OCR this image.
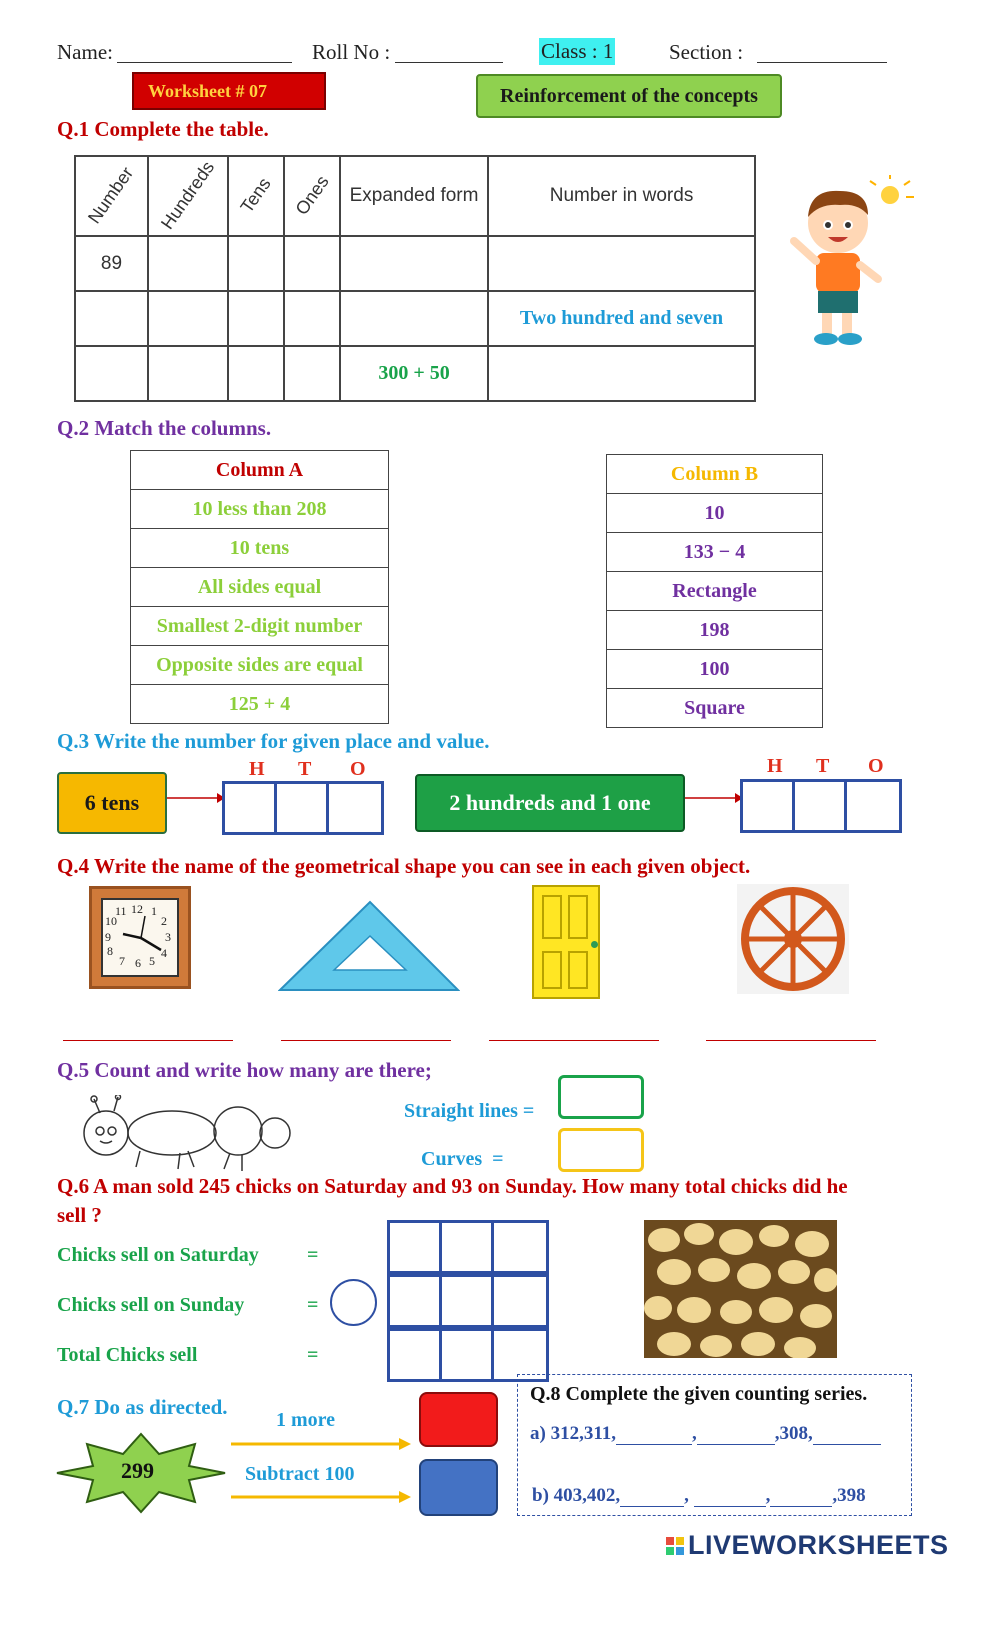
Name:	Roll No :	Class : 1	Section :
Worksheet # 07	Reinforcement of the concepts
Q.1 Complete the table.
Number	Hundreds	Tens	Ones	Expanded form	Number in words
89					
					Two hundred and seven
				300 + 50	
Q.2 Match the columns.
Column A
10 less than 208
10 tens
All sides equal
Smallest 2-digit number
Opposite sides are equal
125 + 4
Column B
10
133 − 4
Rectangle
198
100
Square
Q.3 Write the number for given place and value.
6 tens
H T O
2 hundreds and 1 one
H T O
Q.4 Write the name of the geometrical shape you can see in each given object.
12 1
2
3
4
5
6
7
8
9
10
11
Q.5 Count and write how many are there;
Straight lines =
Curves  =
Q.6 A man sold 245 chicks on Saturday and 93 on Sunday. How many total chicks did he
sell ?
Chicks sell on Saturday
Chicks sell on Sunday
Total Chicks sell
=
=
=
Q.7 Do as directed.
299
1 more
Subtract 100
Q.8 Complete the given counting series.
a) 312,311,	,	,308,
b) 403,402,	,	,	,398
LIVEWORKSHEETS
